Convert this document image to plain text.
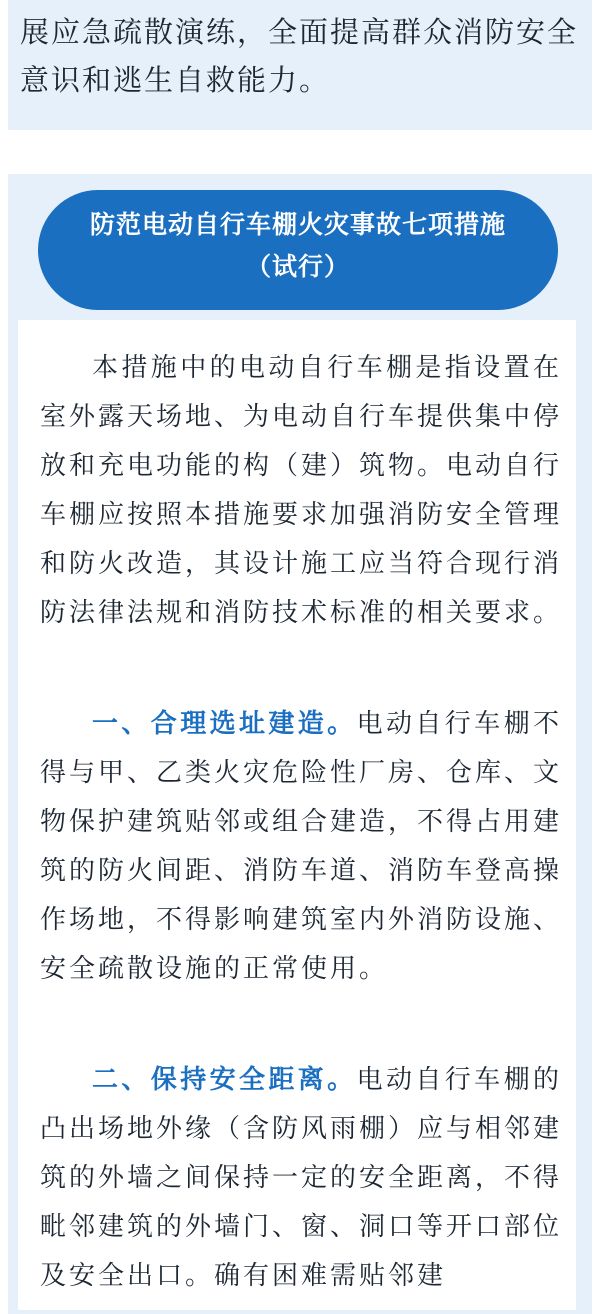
展应急疏散演练，全面提高群众消防安全意识和逃生自救能力。

防范电动自行车棚火灾事故七项措施
（试行）

本措施中的电动自行车棚是指设置在室外露天场地、为电动自行车提供集中停放和充电功能的构（建）筑物。电动自行车棚应按照本措施要求加强消防安全管理和防火改造，其设计施工应当符合现行消防法律法规和消防技术标准的相关要求。

一、合理选址建造。电动自行车棚不得与甲、乙类火灾危险性厂房、仓库、文物保护建筑贴邻或组合建造，不得占用建筑的防火间距、消防车道、消防车登高操作场地，不得影响建筑室内外消防设施、安全疏散设施的正常使用。

二、保持安全距离。电动自行车棚的凸出场地外缘（含防风雨棚）应与相邻建筑的外墙之间保持一定的安全距离，不得毗邻建筑的外墙门、窗、洞口等开口部位及安全出口。确有困难需贴邻建
